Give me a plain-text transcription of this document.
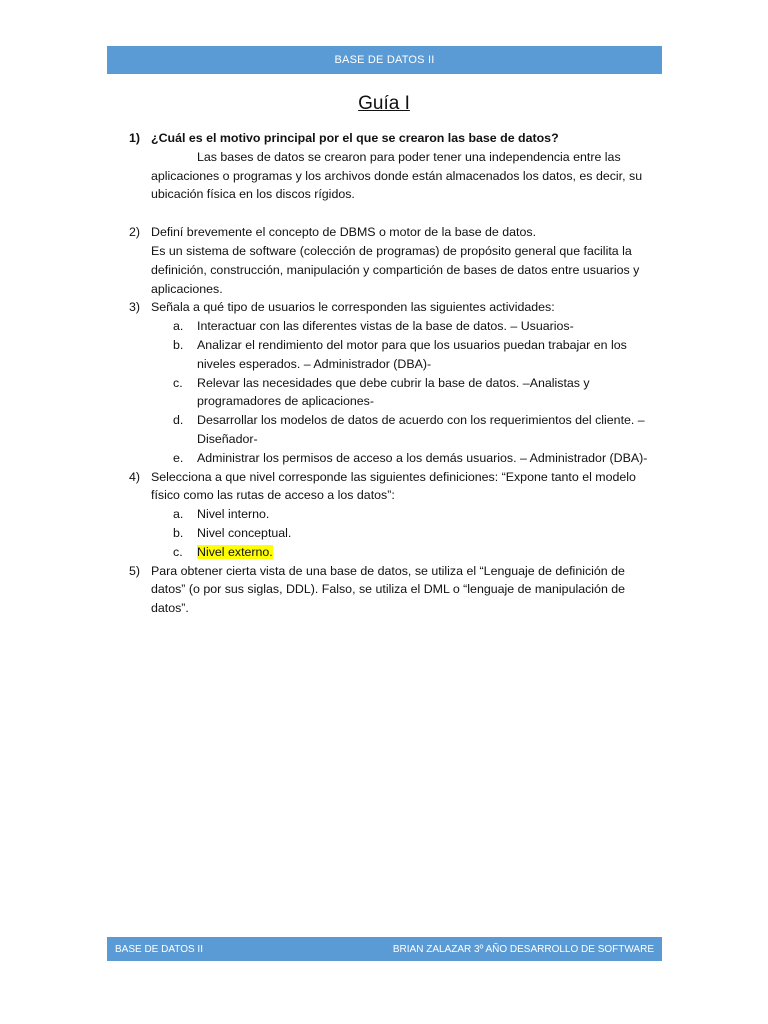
BASE DE DATOS II
Guía I
1) ¿Cuál es el motivo principal por el que se crearon las base de datos?
Las bases de datos se crearon para poder tener una independencia entre las
aplicaciones o programas y los archivos donde están almacenados los datos, es decir, su ubicación física en los discos rígidos.
2) Definí brevemente el concepto de DBMS o motor de la base de datos.
Es un sistema de software (colección de programas) de propósito general que facilita la definición, construcción, manipulación y compartición de bases de datos entre usuarios y aplicaciones.
3) Señala a qué tipo de usuarios le corresponden las siguientes actividades:
a.	Interactuar con las diferentes vistas de la base de datos. – Usuarios-
b.	Analizar el rendimiento del motor para que los usuarios puedan trabajar en los niveles esperados. – Administrador (DBA)-
c.	Relevar las necesidades que debe cubrir la base de datos. –Analistas y programadores de aplicaciones-
d.	Desarrollar los modelos de datos de acuerdo con los requerimientos del cliente. –Diseñador-
e.	Administrar los permisos de acceso a los demás usuarios. – Administrador (DBA)-
4) Selecciona a que nivel corresponde las siguientes definiciones: “Expone tanto el modelo físico como las rutas de acceso a los datos”:
a.	Nivel interno.
b.	Nivel conceptual.
c.	Nivel externo.
5) Para obtener cierta vista de una base de datos, se utiliza el “Lenguaje de definición de datos” (o por sus siglas, DDL). Falso, se utiliza el DML o “lenguaje de manipulación de datos”.
BASE DE DATOS II	BRIAN ZALAZAR 3º AÑO DESARROLLO DE SOFTWARE
